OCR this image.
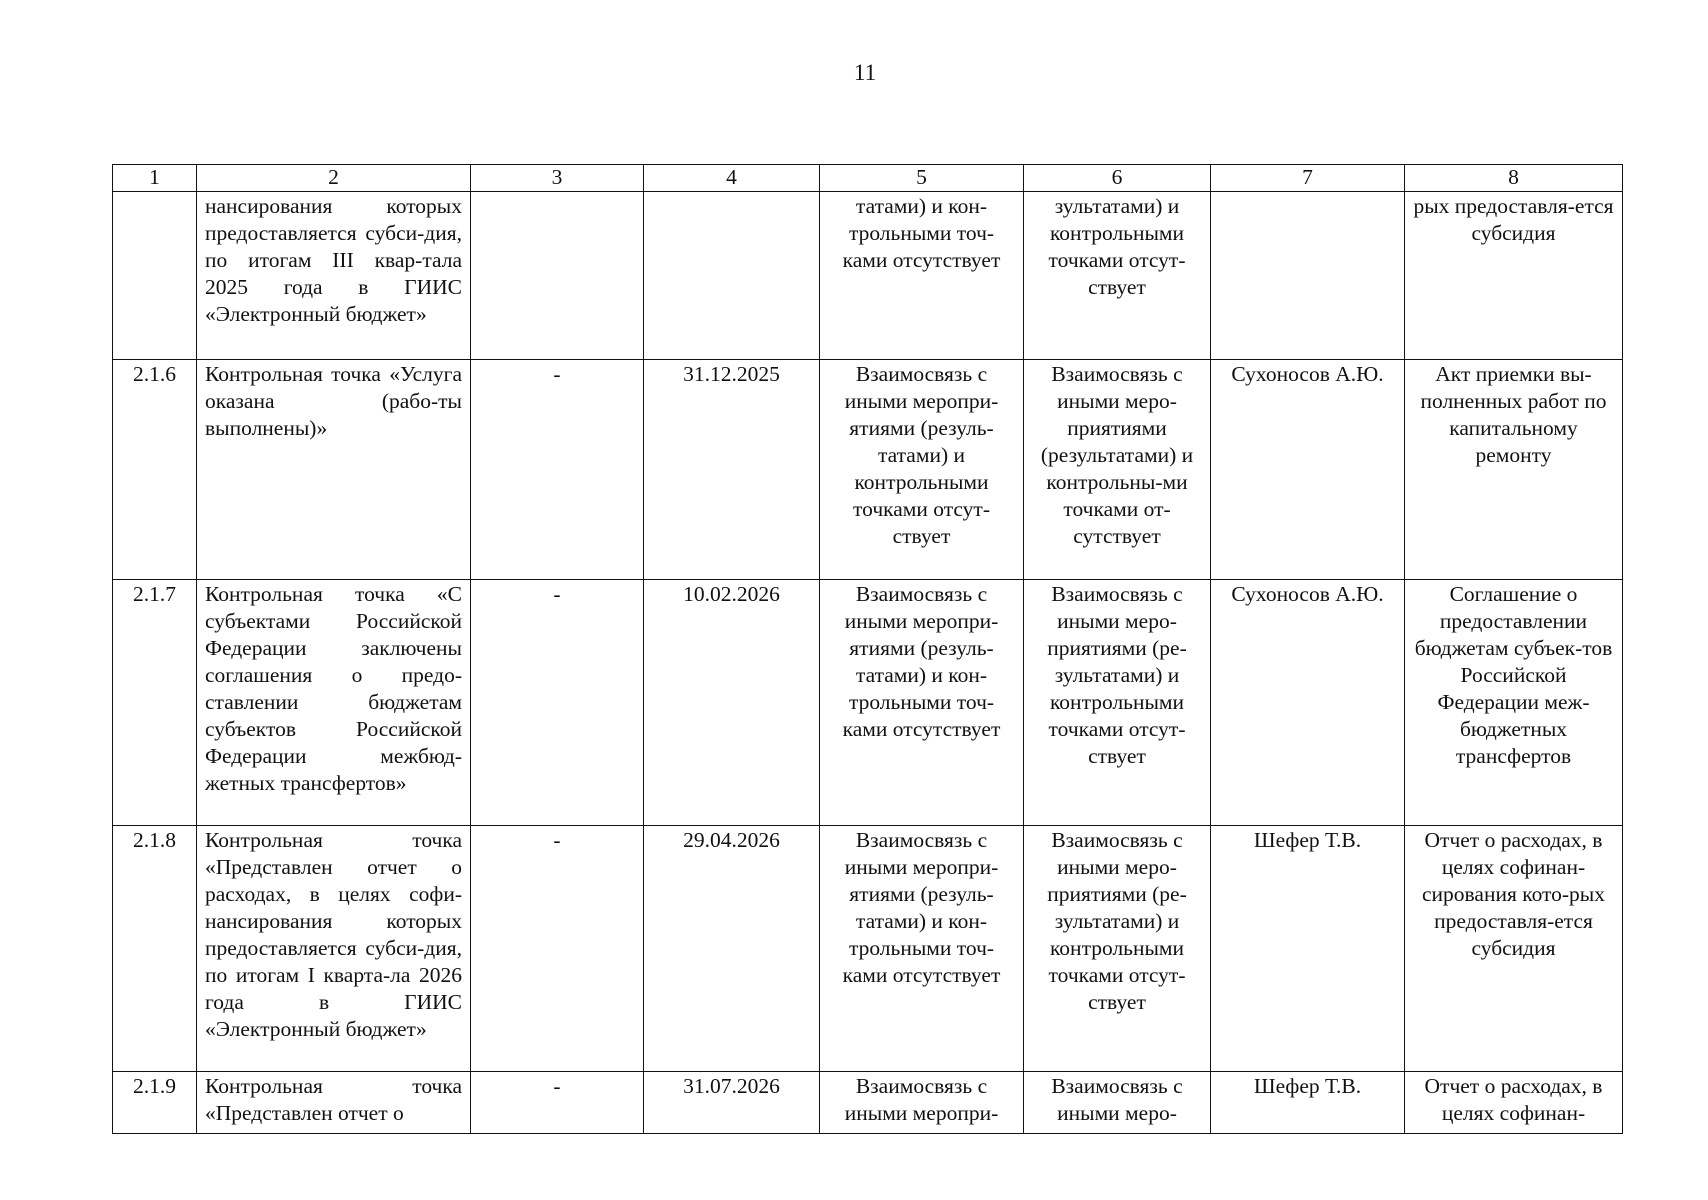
11
1	2	3	4	5	6	7	8
	нансирования которых предоставляется субси-дия, по итогам III квар-тала 2025 года в ГИИС «Электронный бюджет»			татами) и кон-трольными точ-ками отсутствует	зультатами) и контрольными точками отсут-ствует		рых предоставля-ется субсидия
2.1.6	Контрольная точка «Услуга оказана (рабо-ты выполнены)»	-	31.12.2025	Взаимосвязь с иными меропри-ятиями (резуль-татами) и контрольными точками отсут-ствует	Взаимосвязь с иными меро-приятиями (результатами) и контрольны-ми точками от-сутствует	Сухоносов А.Ю.	Акт приемки вы-полненных работ по капитальному ремонту
2.1.7	Контрольная точка «С субъектами Российской Федерации заключены соглашения о предо-ставлении бюджетам субъектов Российской Федерации межбюд-жетных трансфертов»	-	10.02.2026	Взаимосвязь с иными меропри-ятиями (резуль-татами) и кон-трольными точ-ками отсутствует	Взаимосвязь с иными меро-приятиями (ре-зультатами) и контрольными точками отсут-ствует	Сухоносов А.Ю.	Соглашение о предоставлении бюджетам субъек-тов Российской Федерации меж-бюджетных трансфертов
2.1.8	Контрольная точка «Представлен отчет о расходах, в целях софи-нансирования которых предоставляется субси-дия, по итогам I кварта-ла 2026 года в ГИИС «Электронный бюджет»	-	29.04.2026	Взаимосвязь с иными меропри-ятиями (резуль-татами) и кон-трольными точ-ками отсутствует	Взаимосвязь с иными меро-приятиями (ре-зультатами) и контрольными точками отсут-ствует	Шефер Т.В.	Отчет о расходах, в целях софинан-сирования кото-рых предоставля-ется субсидия
2.1.9	Контрольная точка «Представлен отчет о	-	31.07.2026	Взаимосвязь с иными меропри-	Взаимосвязь с иными меро-	Шефер Т.В.	Отчет о расходах, в целях софинан-
